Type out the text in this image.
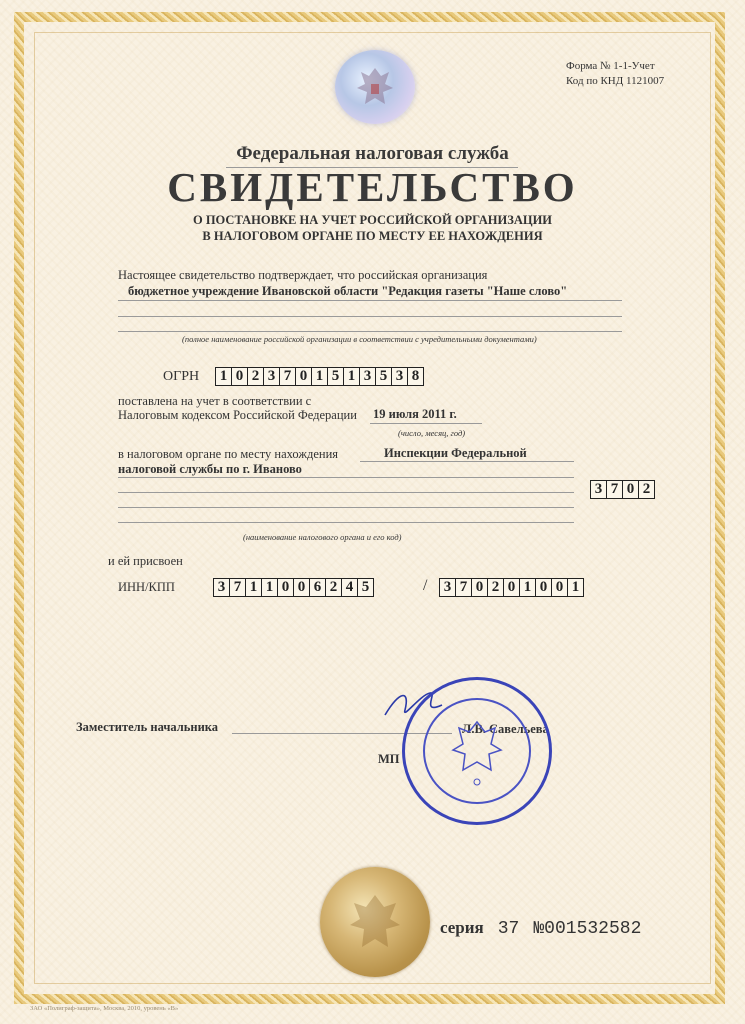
Форма № 1-1-Учет
Код по КНД 1121007
Федеральная налоговая служба
СВИДЕТЕЛЬСТВО
О ПОСТАНОВКЕ НА УЧЕТ РОССИЙСКОЙ ОРГАНИЗАЦИИ
В НАЛОГОВОМ ОРГАНЕ ПО МЕСТУ ЕЕ НАХОЖДЕНИЯ
Настоящее свидетельство подтверждает, что российская организация
бюджетное учреждение Ивановской области "Редакция газеты "Наше слово"
(полное наименование российской организации в соответствии с учредительными документами)
ОГРН 1 0 2 3 7 0 1 5 1 3 5 3 8
поставлена на учет в соответствии с
Налоговым кодексом Российской Федерации 19 июля 2011 г.
(число, месяц, год)
в налоговом органе по месту нахождения	Инспекции Федеральной
налоговой службы по г. Иваново
3 7 0 2
(наименование налогового органа и его код)
и ей присвоен
ИНН/КПП	3 7 1 1 0 0 6 2 4 5	/ 3 7 0 2 0 1 0 0 1
Заместитель начальника	Л.В. Савельева
МП
серия 37 №001532582
ЗАО «Полиграф-защита», Москва, 2010, уровень «В»
